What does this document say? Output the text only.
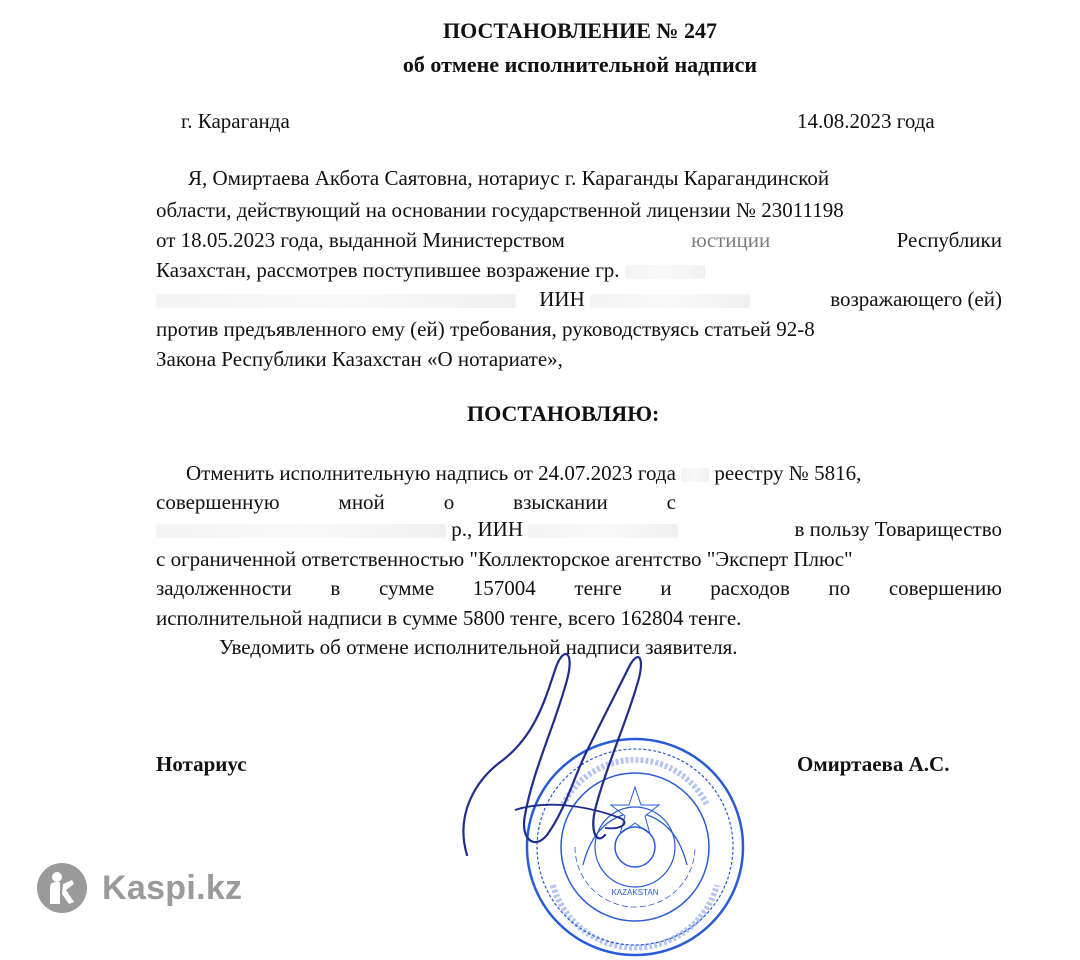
ПОСТАНОВЛЕНИЕ № 247
об отмене исполнительной надписи
г. Караганда	14.08.2023 года
Я, Омиртаева Акбота Саятовна, нотариус г. Караганды Карагандинской
области, действующий на основании государственной лицензии № 23011198
от 18.05.2023 года, выданной Министерством	юстиции	Республики
Казахстан, рассмотрев поступившее возражение гр.
ИИН	возражающего (ей)
против предъявленного ему (ей) требования, руководствуясь статьей 92-8
Закона Республики Казахстан «О нотариате»,
ПОСТАНОВЛЯЮ:
Отменить исполнительную надпись от 24.07.2023 года реестру № 5816,
совершенную	мной	о	взыскании	с
р., ИИН	в пользу Товарищество
с ограниченной ответственностью "Коллекторское агентство "Эксперт Плюс"
задолженности в сумме 157004 тенге и расходов по совершению
исполнительной надписи в сумме 5800 тенге, всего 162804 тенге.
Уведомить об отмене исполнительной надписи заявителя.
Нотариус	Омиртаева А.С.
KAZAKSTAN
Kaspi.kz
